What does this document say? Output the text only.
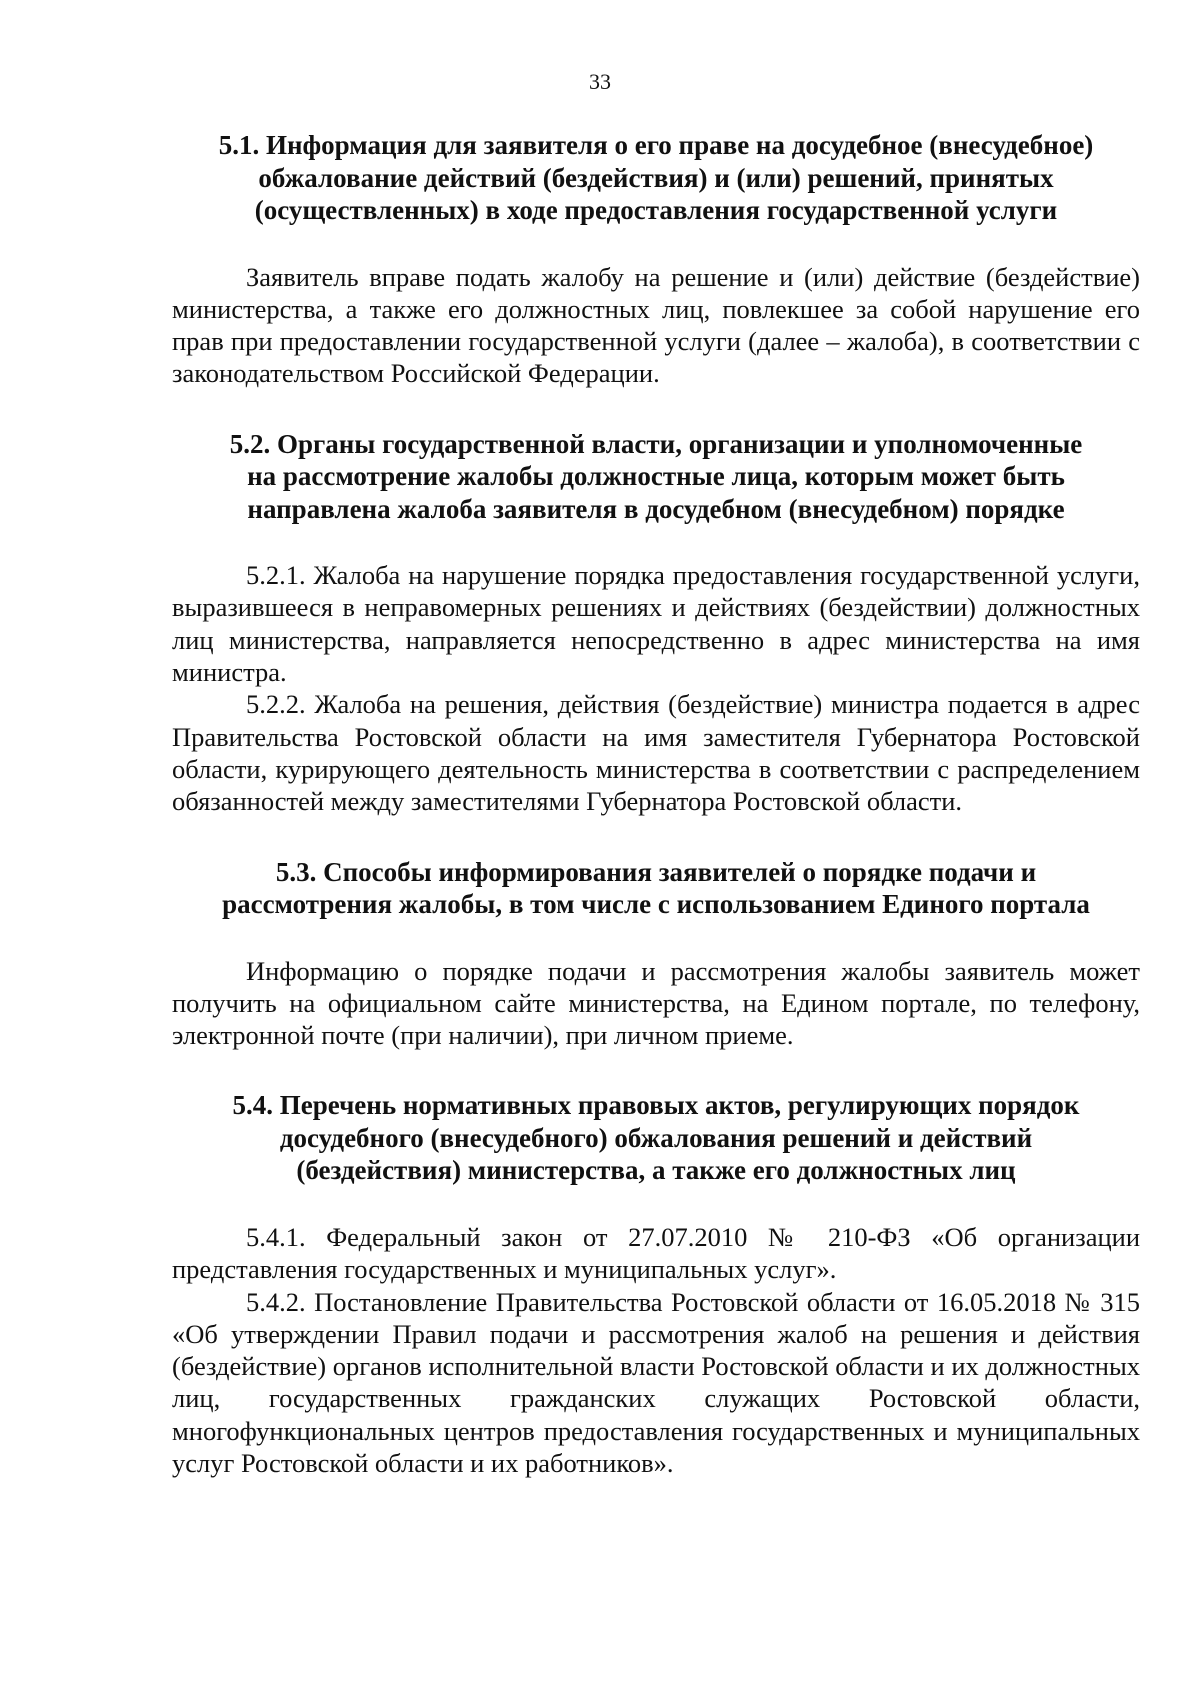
33
5.1. Информация для заявителя о его праве на досудебное (внесудебное)
обжалование действий (бездействия) и (или) решений, принятых
(осуществленных) в ходе предоставления государственной услуги

Заявитель вправе подать жалобу на решение и (или) действие (бездействие) министерства, а также его должностных лиц, повлекшее за собой нарушение его прав при предоставлении государственной услуги (далее – жалоба), в соответствии с законодательством Российской Федерации.

5.2. Органы государственной власти, организации и уполномоченные
на рассмотрение жалобы должностные лица, которым может быть
направлена жалоба заявителя в досудебном (внесудебном) порядке

5.2.1. Жалоба на нарушение порядка предоставления государственной услуги, выразившееся в неправомерных решениях и действиях (бездействии) должностных лиц министерства, направляется непосредственно в адрес министерства на имя министра.

5.2.2. Жалоба на решения, действия (бездействие) министра подается в адрес Правительства Ростовской области на имя заместителя Губернатора Ростовской области, курирующего деятельность министерства в соответствии с распределением обязанностей между заместителями Губернатора Ростовской области.

5.3. Способы информирования заявителей о порядке подачи и
рассмотрения жалобы, в том числе с использованием Единого портала

Информацию о порядке подачи и рассмотрения жалобы заявитель может получить на официальном сайте министерства, на Едином портале, по телефону, электронной почте (при наличии), при личном приеме.

5.4. Перечень нормативных правовых актов, регулирующих порядок
досудебного (внесудебного) обжалования решений и действий
(бездействия) министерства, а также его должностных лиц

5.4.1. Федеральный закон от 27.07.2010 № 210-ФЗ «Об организации представления государственных и муниципальных услуг».

5.4.2. Постановление Правительства Ростовской области от 16.05.2018 № 315 «Об утверждении Правил подачи и рассмотрения жалоб на решения и действия (бездействие) органов исполнительной власти Ростовской области и их должностных лиц, государственных гражданских служащих Ростовской области, многофункциональных центров предоставления государственных и муниципальных услуг Ростовской области и их работников».
